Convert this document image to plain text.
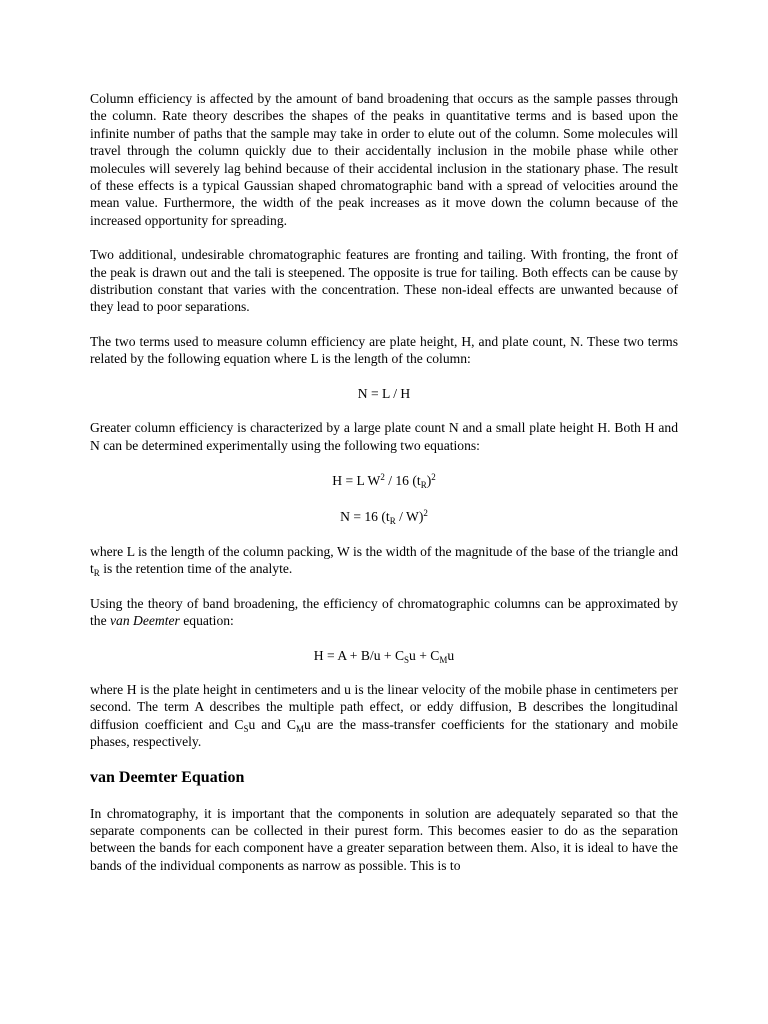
Column efficiency is affected by the amount of band broadening that occurs as the sample passes through the column. Rate theory describes the shapes of the peaks in quantitative terms and is based upon the infinite number of paths that the sample may take in order to elute out of the column. Some molecules will travel through the column quickly due to their accidentally inclusion in the mobile phase while other molecules will severely lag behind because of their accidental inclusion in the stationary phase. The result of these effects is a typical Gaussian shaped chromatographic band with a spread of velocities around the mean value. Furthermore, the width of the peak increases as it move down the column because of the increased opportunity for spreading.

Two additional, undesirable chromatographic features are fronting and tailing. With fronting, the front of the peak is drawn out and the tali is steepened. The opposite is true for tailing. Both effects can be cause by distribution constant that varies with the concentration. These non-ideal effects are unwanted because of they lead to poor separations.

The two terms used to measure column efficiency are plate height, H, and plate count, N. These two terms related by the following equation where L is the length of the column:

N = L / H

Greater column efficiency is characterized by a large plate count N and a small plate height H. Both H and N can be determined experimentally using the following two equations:

H = L $W^2 / 16$ $(t_R)^2$

N = 16 $(t_R / W)^2$

where L is the length of the column packing, W is the width of the magnitude of the base of the triangle and $t_R$ is the retention time of the analyte.

Using the theory of band broadening, the efficiency of chromatographic columns can be approximated by the van Deemter equation:

$H = A + B/u + C_Su + C_Mu$

where H is the plate height in centimeters and u is the linear velocity of the mobile phase in centimeters per second. The term A describes the multiple path effect, or eddy diffusion, B describes the longitudinal diffusion coefficient and $C_Su$ and $C_Mu$ are the mass-transfer coefficients for the stationary and mobile phases, respectively.

van Deemter Equation

In chromatography, it is important that the components in solution are adequately separated so that the separate components can be collected in their purest form. This becomes easier to do as the separation between the bands for each component have a greater separation between them. Also, it is ideal to have the bands of the individual components as narrow as possible. This is to
